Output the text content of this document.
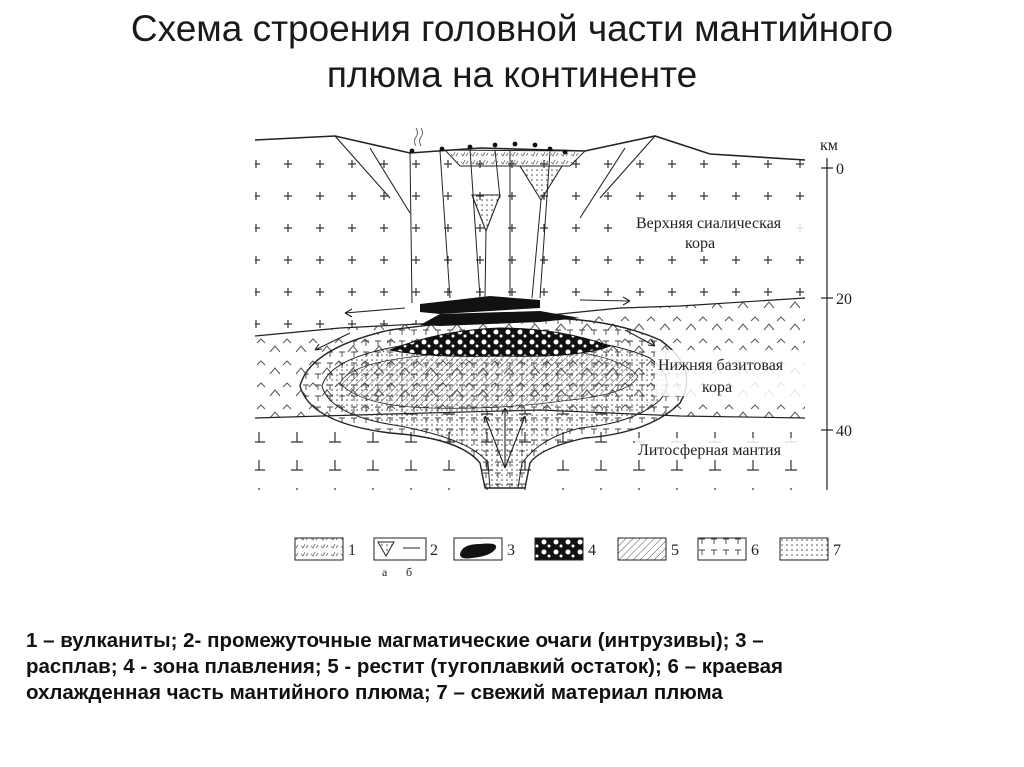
Схема строения головной части мантийного
плюма на континенте
км
0
20
40
Верхняя сиалическая
кора
Нижняя базитовая
кора
Литосферная мантия
1	2
а б
3	4	5	6	7
1 – вулканиты; 2- промежуточные магматические очаги (интрузивы); 3 –
расплав; 4 - зона плавления; 5 - рестит (тугоплавкий остаток); 6 – краевая
охлажденная часть мантийного плюма; 7 – свежий материал плюма
